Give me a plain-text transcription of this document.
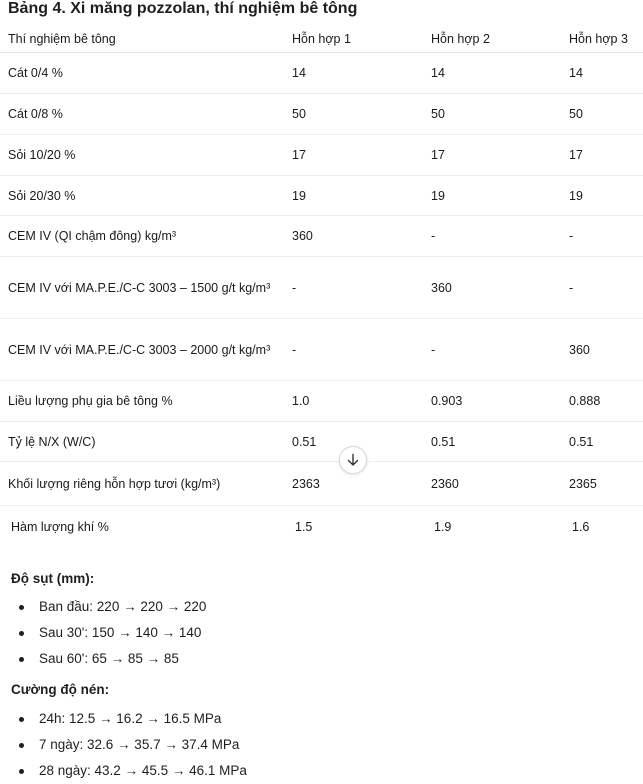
Bảng 4. Xi măng pozzolan, thí nghiệm bê tông
Thí nghiệm bê tông	Hỗn hợp 1	Hỗn hợp 2	Hỗn hợp 3
Cát 0/4 %	14	14	14
Cát 0/8 %	50	50	50
Sỏi 10/20 %	17	17	17
Sỏi 20/30 %	19	19	19
CEM IV (QI chậm đông) kg/m³	360	-	-
CEM IV với MA.P.E./C-C 3003 – 1500 g/t kg/m³	-	360	-
CEM IV với MA.P.E./C-C 3003 – 2000 g/t kg/m³	-	-	360
Liều lượng phụ gia bê tông %	1.0	0.903	0.888
Tỷ lệ N/X (W/C)	0.51	0.51	0.51
Khối lượng riêng hỗn hợp tươi (kg/m³)	2363	2360	2365
Hàm lượng khí %	1.5	1.9	1.6
Độ sụt (mm):
Ban đầu: 220 → 220 → 220
Sau 30': 150 → 140 → 140
Sau 60': 65 → 85 → 85
Cường độ nén:
24h: 12.5 → 16.2 → 16.5 MPa
7 ngày: 32.6 → 35.7 → 37.4 MPa
28 ngày: 43.2 → 45.5 → 46.1 MPa
